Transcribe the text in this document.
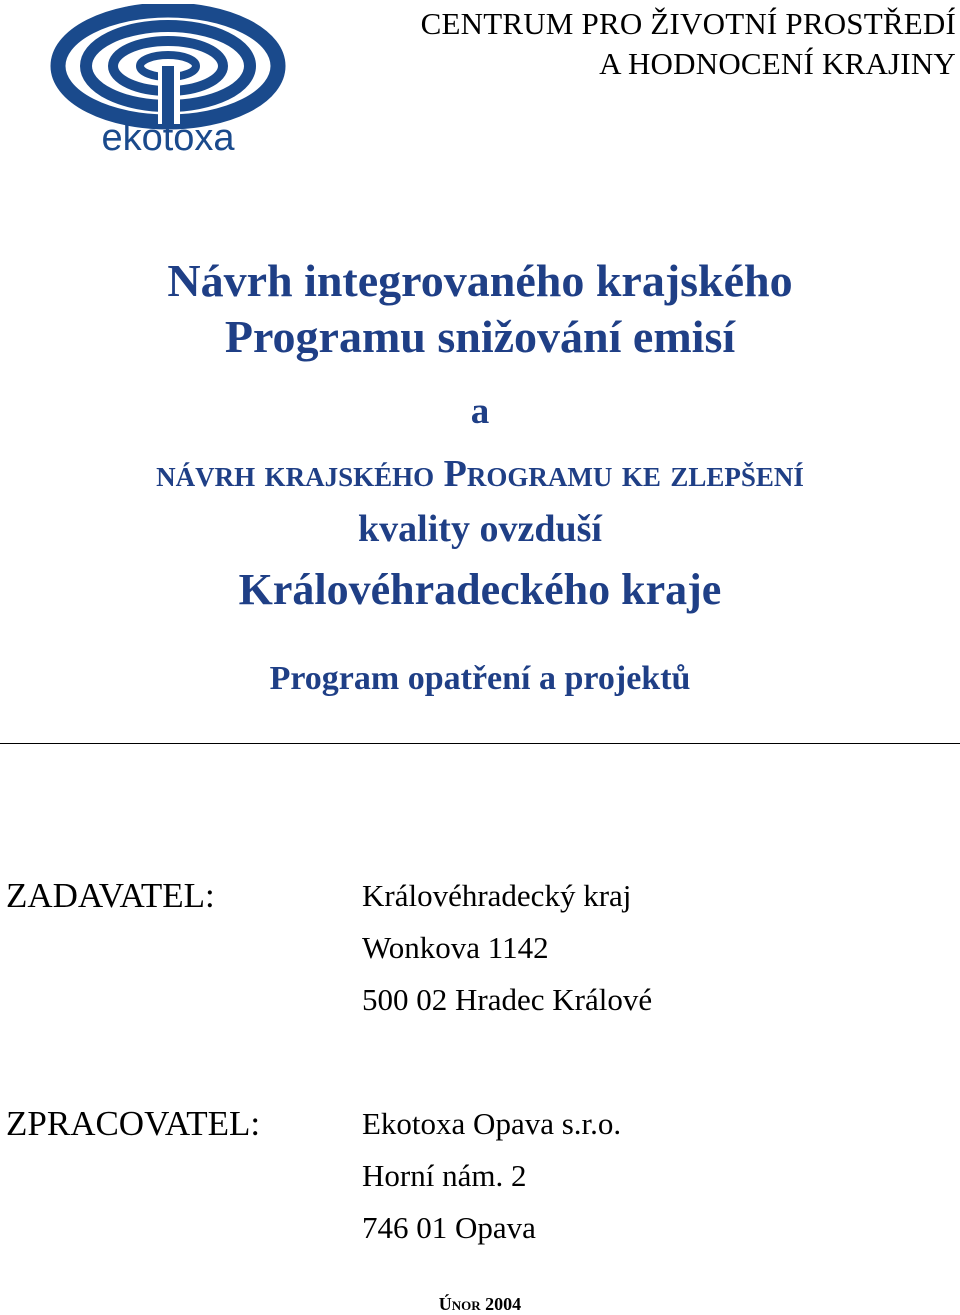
ekotoxa
CENTRUM PRO ŽIVOTNÍ PROSTŘEDÍ
A HODNOCENÍ KRAJINY
Návrh integrovaného krajského
Programu snižování emisí
a
návrh krajského Programu ke zlepšení
kvality ovzduší
Královéhradeckého kraje
Program opatření a projektů
ZADAVATEL:	Královéhradecký kraj
Wonkova 1142
500 02 Hradec Králové
ZPRACOVATEL:	Ekotoxa Opava s.r.o.
Horní nám. 2
746 01 Opava
Únor 2004
